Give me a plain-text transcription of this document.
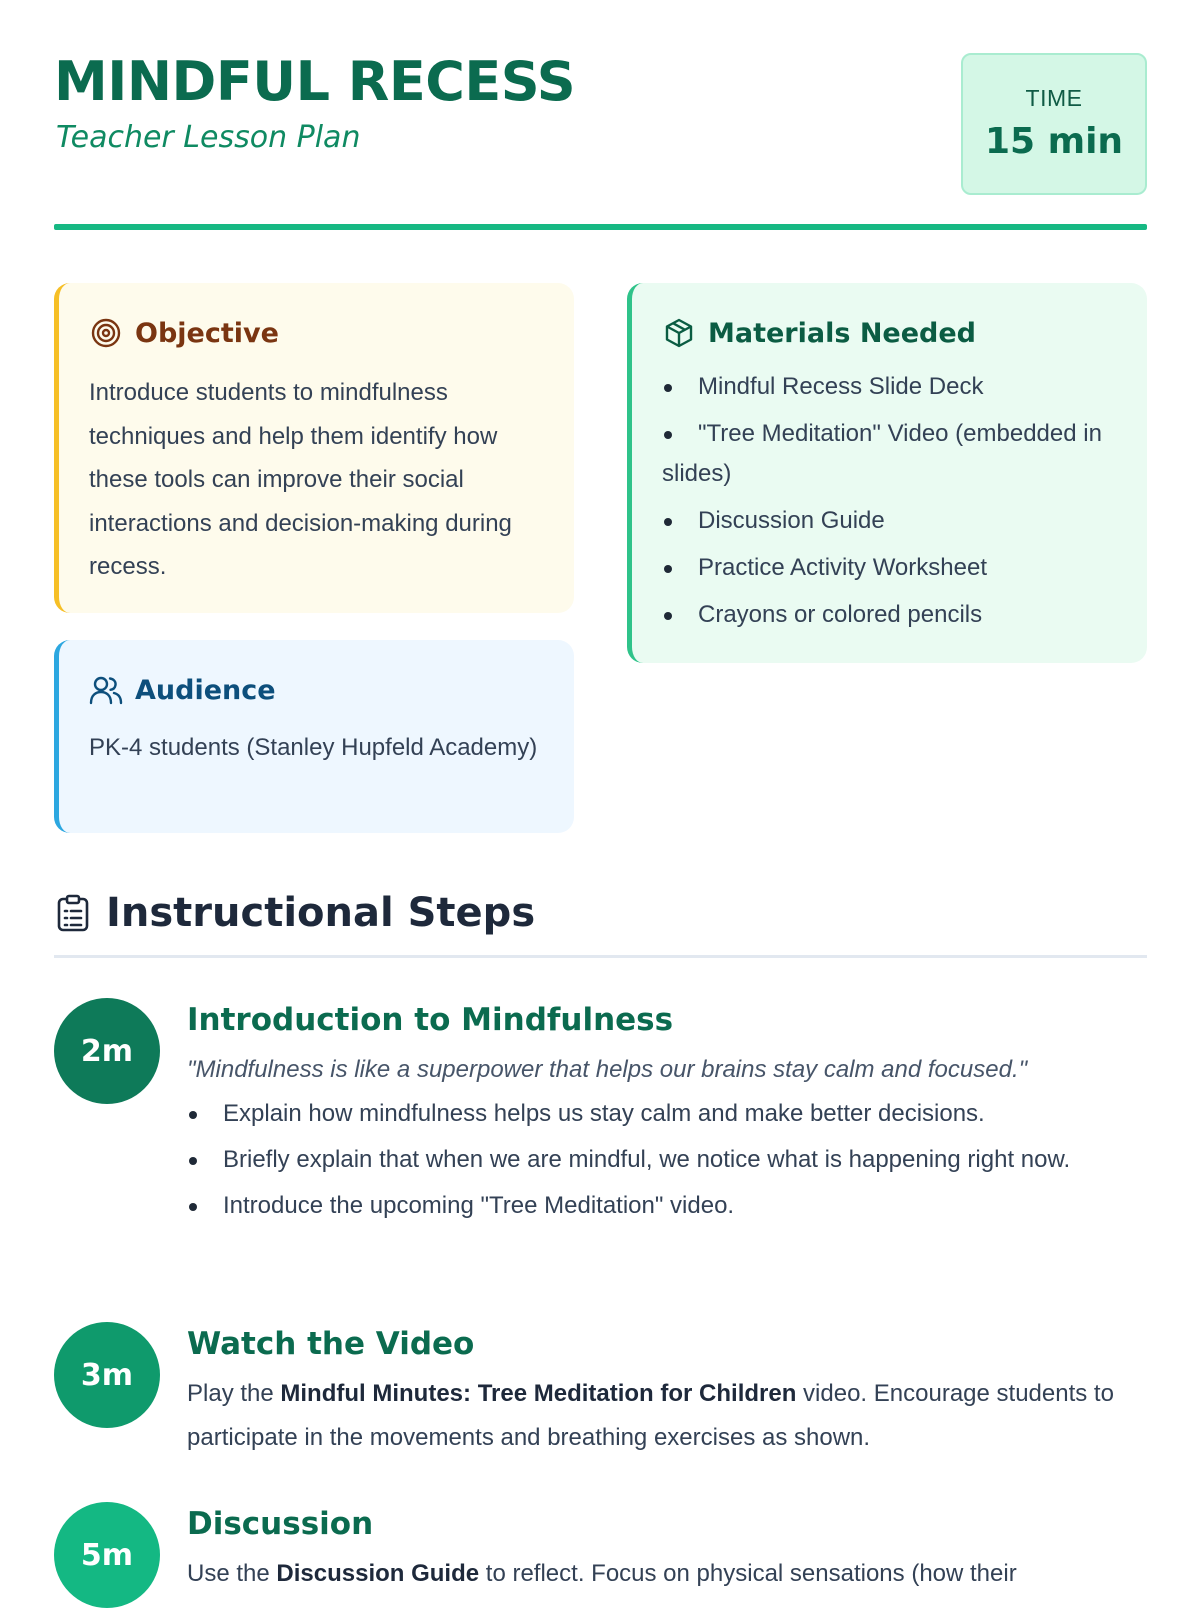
MINDFUL RECESS
Teacher Lesson Plan
TIME
15 min
Objective
Introduce students to mindfulness techniques and help them identify how these tools can improve their social interactions and decision-making during recess.
Audience
PK-4 students (Stanley Hupfeld Academy)
Materials Needed
Mindful Recess Slide Deck
"Tree Meditation" Video (embedded in slides)
Discussion Guide
Practice Activity Worksheet
Crayons or colored pencils
Instructional Steps
2m
Introduction to Mindfulness
"Mindfulness is like a superpower that helps our brains stay calm and focused."
Explain how mindfulness helps us stay calm and make better decisions.
Briefly explain that when we are mindful, we notice what is happening right now.
Introduce the upcoming "Tree Meditation" video.
3m
Watch the Video
Play the Mindful Minutes: Tree Meditation for Children video. Encourage students to participate in the movements and breathing exercises as shown.
5m
Discussion
Use the Discussion Guide to reflect. Focus on physical sensations (how their
